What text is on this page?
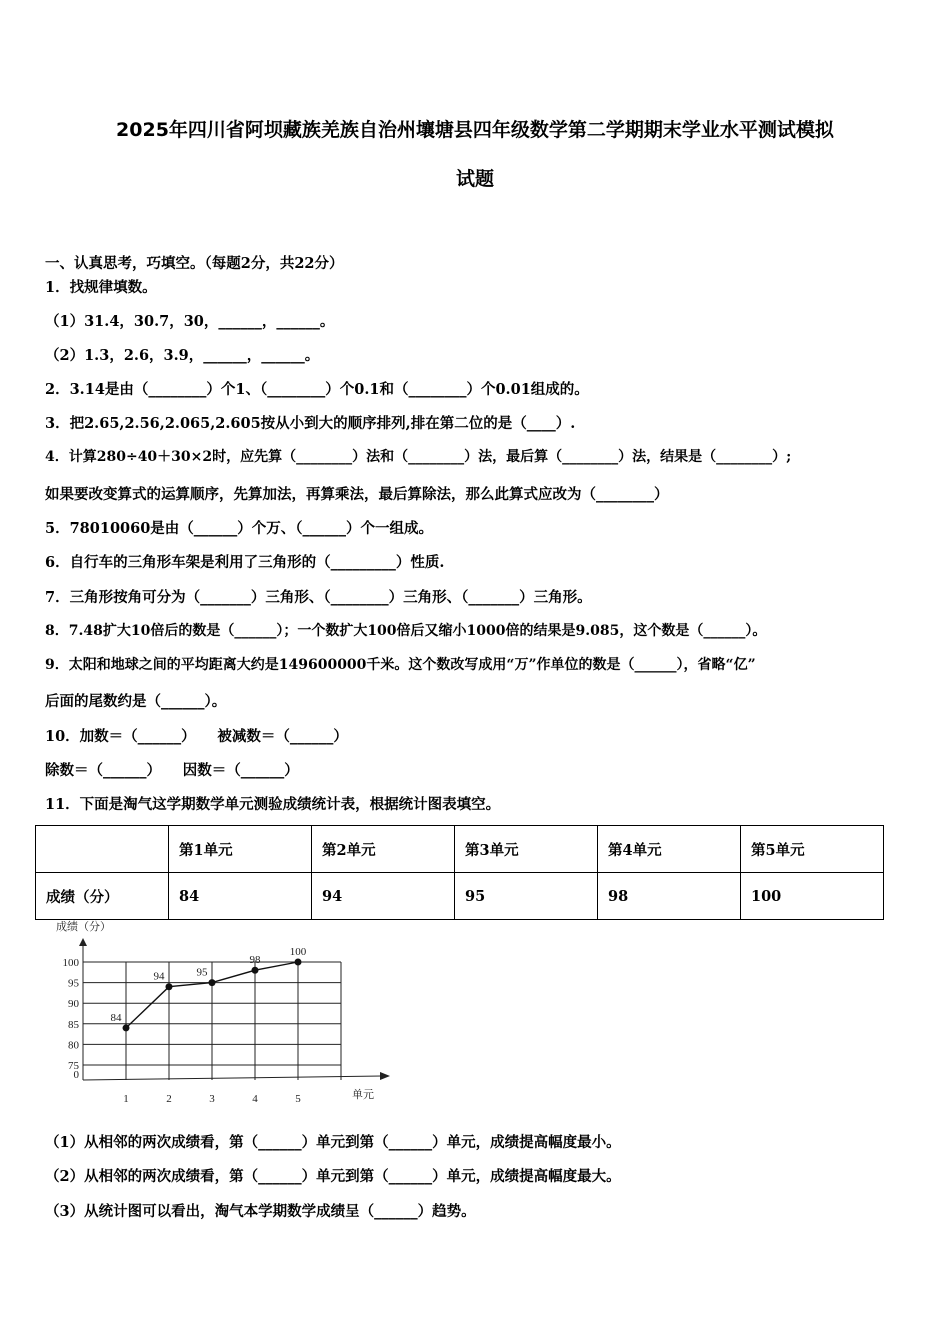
2025年四川省阿坝藏族羌族自治州壤塘县四年级数学第二学期期末学业水平测试模拟
试题
一、认真思考，巧填空。（每题2分，共22分）
1．找规律填数。
（1）31.4，30.7，30，______，______。
（2）1.3，2.6，3.9，______，______。
2．3.14是由（________）个1、（________）个0.1和（________）个0.01组成的。
3．把2.65,2.56,2.065,2.605按从小到大的顺序排列,排在第二位的是（____）.
4．计算280÷40＋30×2时，应先算（________）法和（________）法，最后算（________）法，结果是（________）;
如果要改变算式的运算顺序，先算加法，再算乘法，最后算除法，那么此算式应改为（________）
5．78010060是由（______）个万、（______）个一组成。
6．自行车的三角形车架是利用了三角形的（_________）性质.
7．三角形按角可分为（_______）三角形、（________）三角形、（_______）三角形。
8．7.48扩大10倍后的数是（______）；一个数扩大100倍后又缩小1000倍的结果是9.085，这个数是（______）。
9．太阳和地球之间的平均距离大约是149600000千米。这个数改写成用“万”作单位的数是（______），省略“亿”
后面的尾数约是（______）。
10．加数＝（______）　　被减数＝（______）
除数＝（______）　　因数＝（______）
11．下面是淘气这学期数学单元测验成绩统计表，根据统计图表填空。
	第1单元	第2单元	第3单元	第4单元	第5单元
成绩（分）	84	94	95	98	100
0
75
80
85
90
95
100
1	2	3	4	5
84
94	95
98
100
成绩（分）
单元
（1）从相邻的两次成绩看，第（______）单元到第（______）单元，成绩提高幅度最小。
（2）从相邻的两次成绩看，第（______）单元到第（______）单元，成绩提高幅度最大。
（3）从统计图可以看出，淘气本学期数学成绩呈（______）趋势。
